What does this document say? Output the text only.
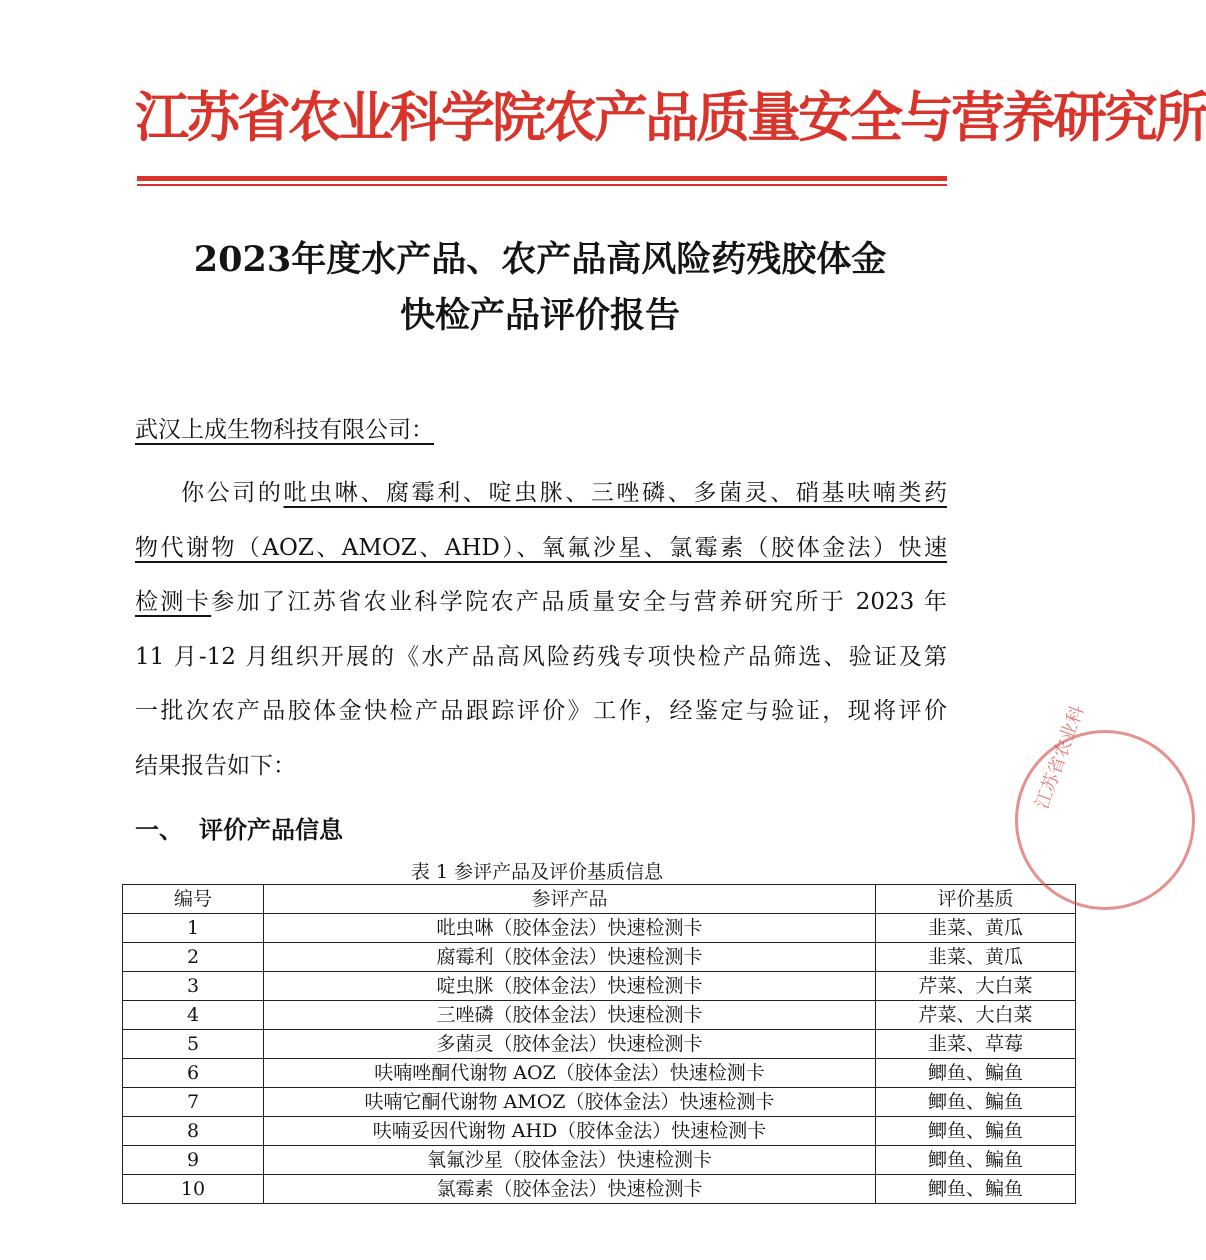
江苏省农业科学院农产品质量安全与营养研究所
2023年度水产品、农产品高风险药残胶体金
快检产品评价报告
武汉上成生物科技有限公司：
你公司的吡虫啉、腐霉利、啶虫脒、三唑磷、多菌灵、硝基呋喃类药
物代谢物（AOZ、AMOZ、AHD）、氧氟沙星、氯霉素（胶体金法）快速
检测卡参加了江苏省农业科学院农产品质量安全与营养研究所于 2023 年
11 月-12 月组织开展的《水产品高风险药残专项快检产品筛选、验证及第
一批次农产品胶体金快检产品跟踪评价》工作，经鉴定与验证，现将评价
结果报告如下：
一、 评价产品信息
表 1 参评产品及评价基质信息
编号	参评产品	评价基质
1	吡虫啉（胶体金法）快速检测卡	韭菜、黄瓜
2	腐霉利（胶体金法）快速检测卡	韭菜、黄瓜
3	啶虫脒（胶体金法）快速检测卡	芹菜、大白菜
4	三唑磷（胶体金法）快速检测卡	芹菜、大白菜
5	多菌灵（胶体金法）快速检测卡	韭菜、草莓
6	呋喃唑酮代谢物 AOZ（胶体金法）快速检测卡	鲫鱼、鳊鱼
7	呋喃它酮代谢物 AMOZ（胶体金法）快速检测卡	鲫鱼、鳊鱼
8	呋喃妥因代谢物 AHD（胶体金法）快速检测卡	鲫鱼、鳊鱼
9	氧氟沙星（胶体金法）快速检测卡	鲫鱼、鳊鱼
10	氯霉素（胶体金法）快速检测卡	鲫鱼、鳊鱼
江苏省农业科
